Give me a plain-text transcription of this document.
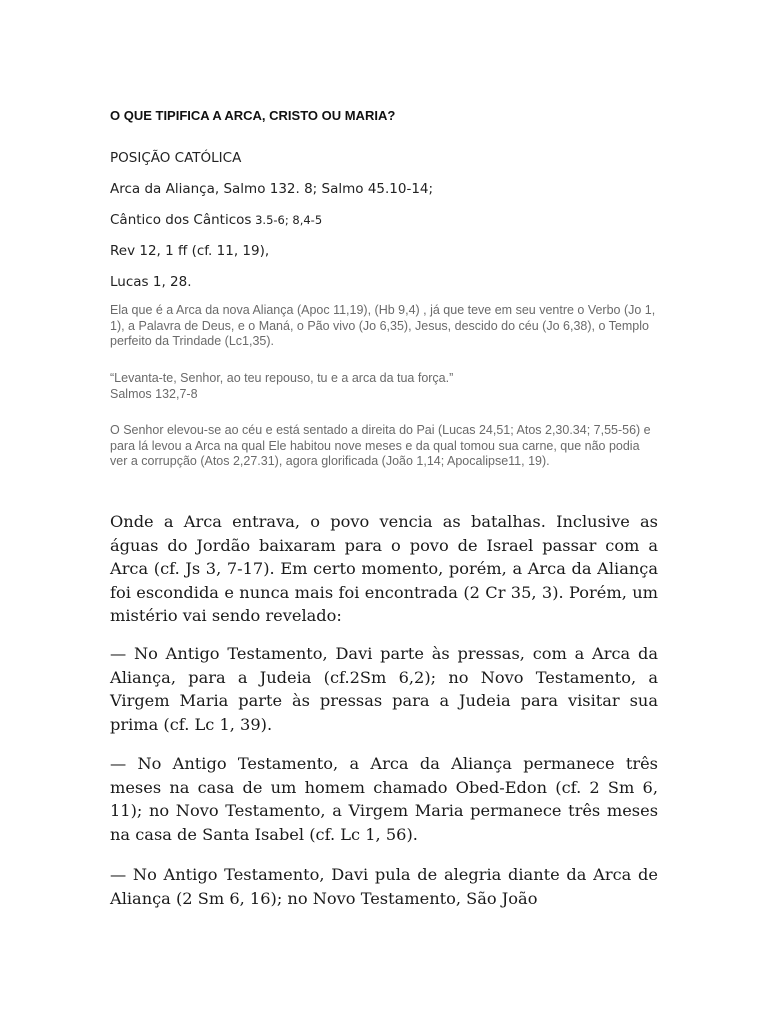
O QUE TIPIFICA A ARCA, CRISTO OU MARIA?
POSIÇÃO CATÓLICA
Arca da Aliança, Salmo 132. 8; Salmo 45.10-14;
Cântico dos Cânticos 3.5-6; 8,4-5
Rev 12, 1 ff (cf. 11, 19),
Lucas 1, 28.
Ela que é a Arca da nova Aliança (Apoc 11,19), (Hb 9,4) , já que teve em seu ventre o Verbo (Jo 1, 1), a Palavra de Deus, e o Maná, o Pão vivo (Jo 6,35), Jesus, descido do céu (Jo 6,38), o Templo perfeito da Trindade (Lc1,35).
“Levanta-te, Senhor, ao teu repouso, tu e a arca da tua força.”
Salmos 132,7-8
O Senhor elevou-se ao céu e está sentado a direita do Pai (Lucas 24,51; Atos 2,30.34; 7,55-56) e para lá levou a Arca na qual Ele habitou nove meses e da qual tomou sua carne, que não podia ver a corrupção (Atos 2,27.31), agora glorificada (João 1,14; Apocalipse11, 19).

Onde a Arca entrava, o povo vencia as batalhas. Inclusive as águas do Jordão baixaram para o povo de Israel passar com a Arca (cf. Js 3, 7-17). Em certo momento, porém, a Arca da Aliança foi escondida e nunca mais foi encontrada (2 Cr 35, 3). Porém, um mistério vai sendo revelado:

— No Antigo Testamento, Davi parte às pressas, com a Arca da Aliança, para a Judeia (cf.2Sm 6,2); no Novo Testamento, a Virgem Maria parte às pressas para a Judeia para visitar sua prima (cf. Lc 1, 39).

— No Antigo Testamento, a Arca da Aliança permanece três meses na casa de um homem chamado Obed-Edon (cf. 2 Sm 6, 11); no Novo Testamento, a Virgem Maria permanece três meses na casa de Santa Isabel (cf. Lc 1, 56).

— No Antigo Testamento, Davi pula de alegria diante da Arca de Aliança (2 Sm 6, 16); no Novo Testamento, São João
